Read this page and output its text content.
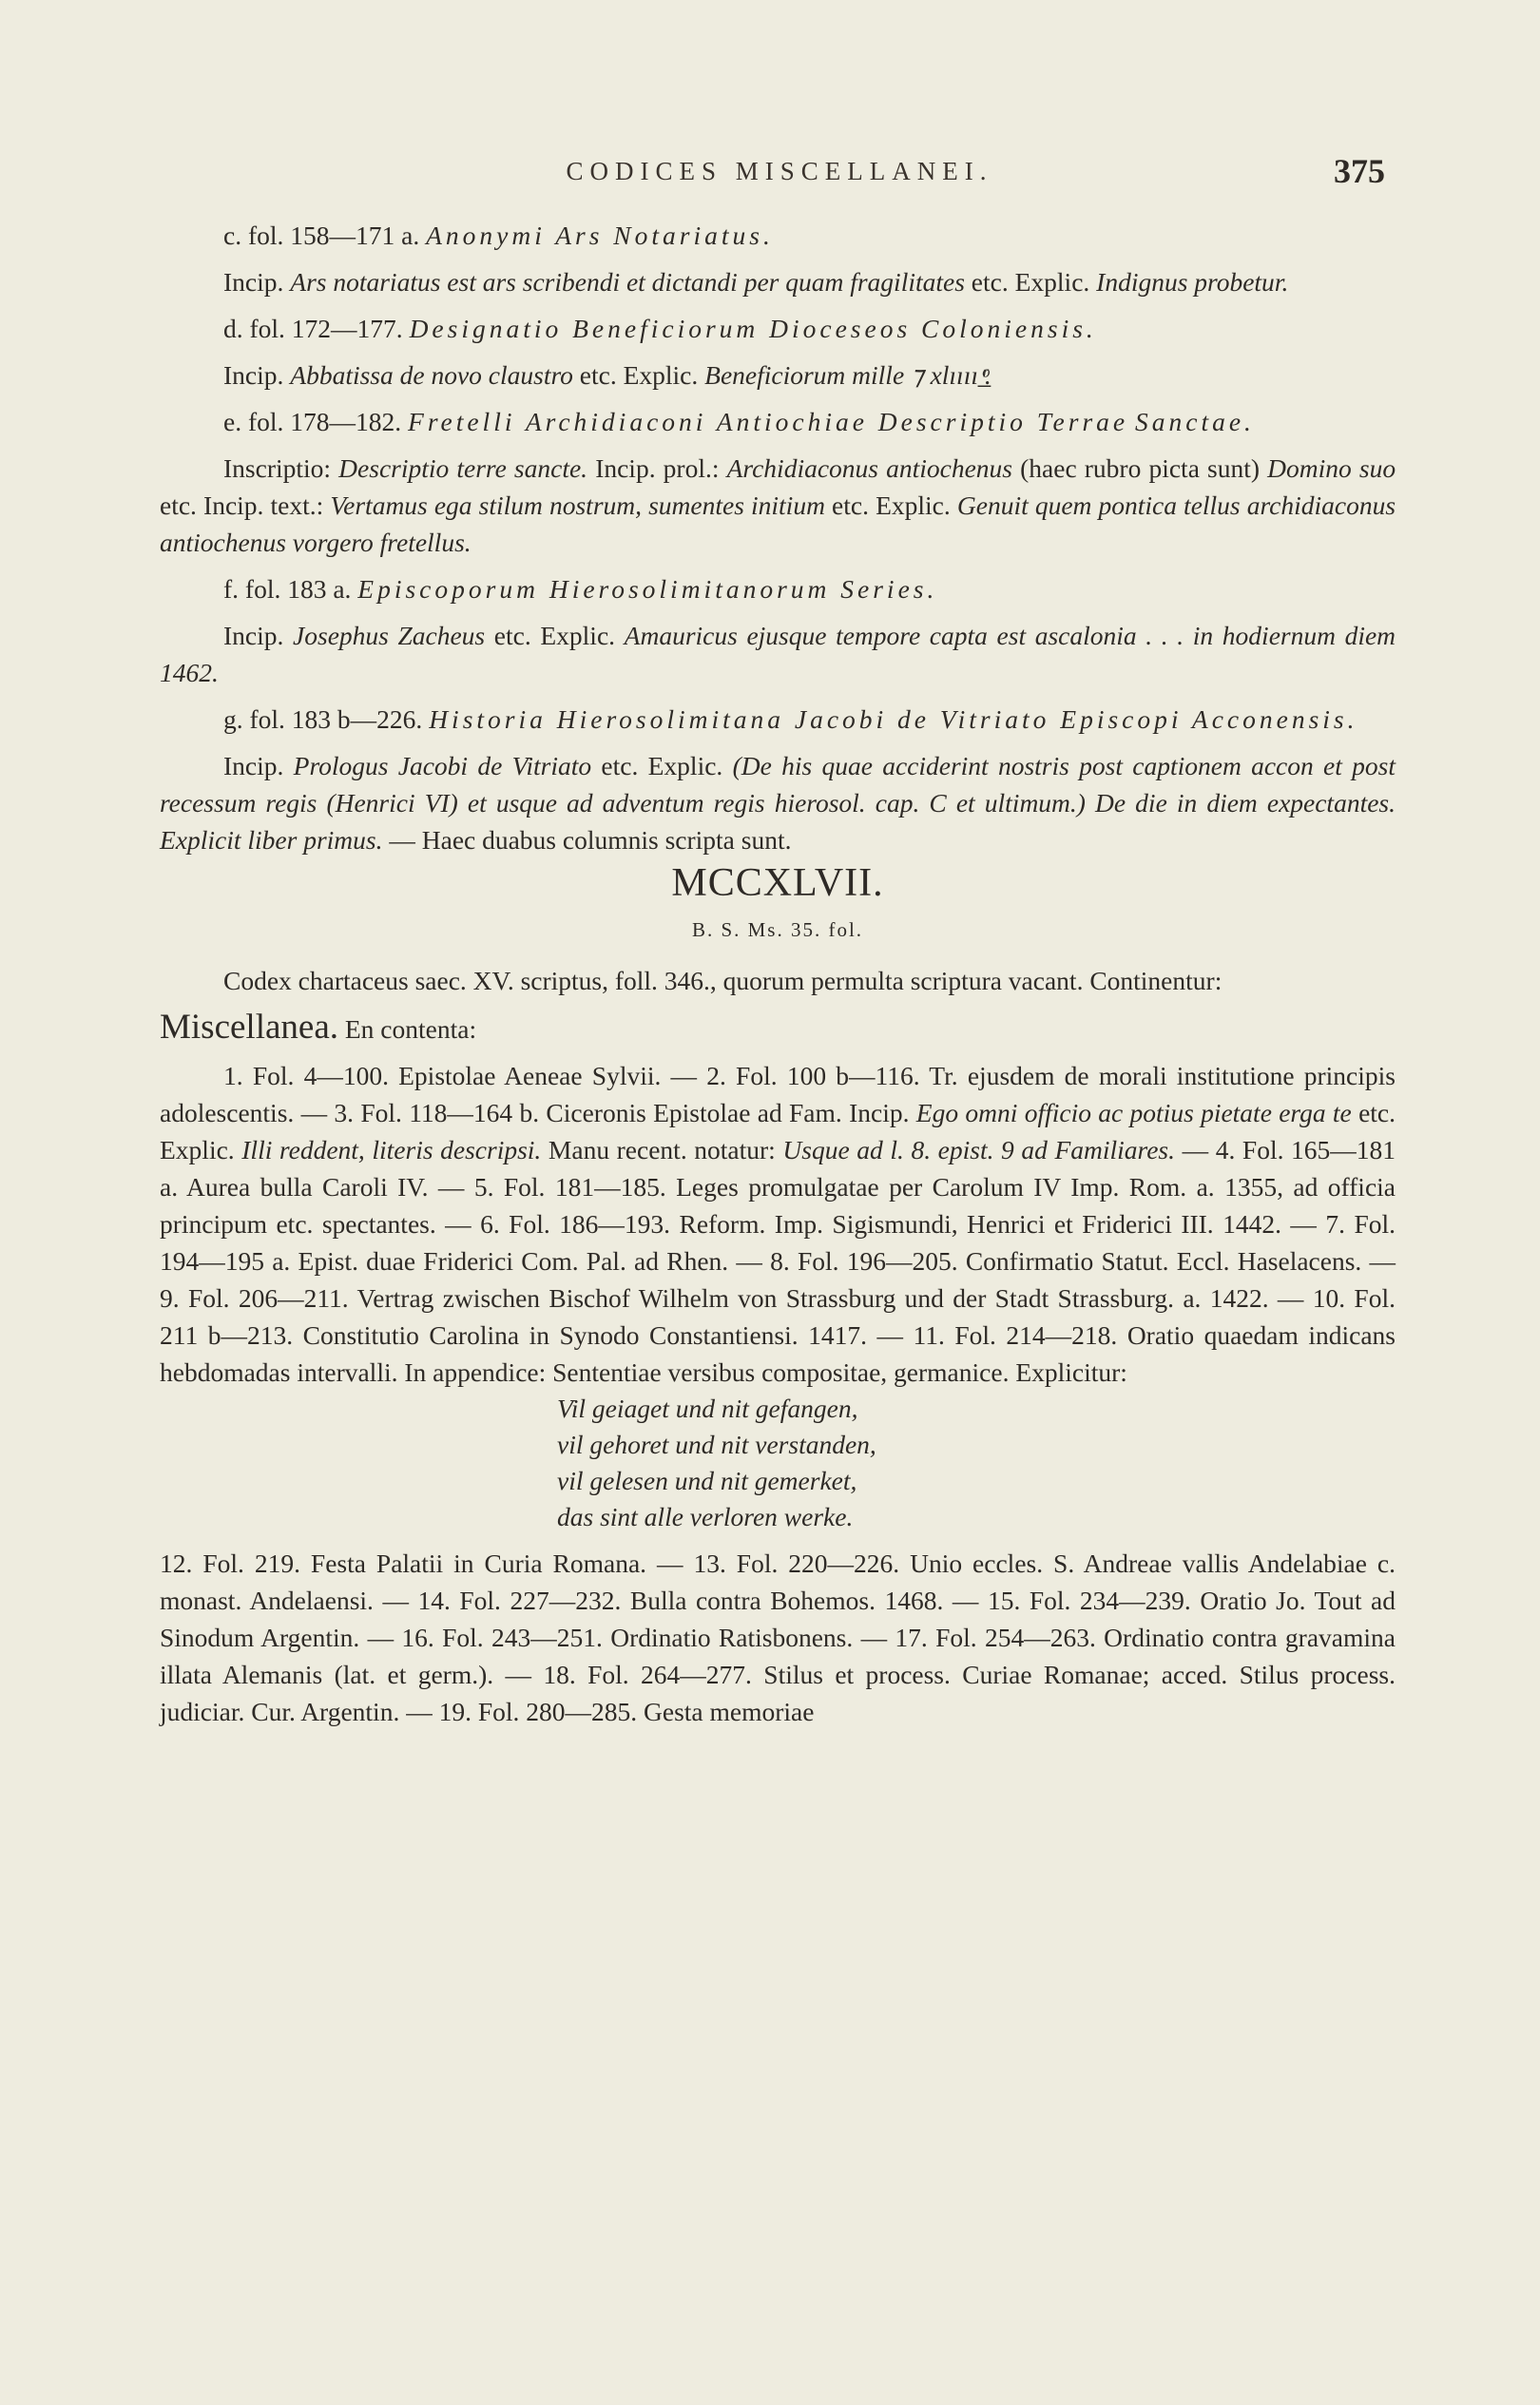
CODICES MISCELLANEI.	375

c. fol. 158—171 a. Anonymi Ars Notariatus.

Incip. Ars notariatus est ars scribendi et dictandi per quam fragilitates etc. Explic. Indignus probetur.

d. fol. 172—177. Designatio Beneficiorum Dioceseos Coloniensis.

Incip. Abbatissa de novo claustro etc. Explic. Beneficiorum mille ⁊ xlıııı ̲ͦͬ.

e. fol. 178—182. Fretelli Archidiaconi Antiochiae Descriptio Terrae Sanctae.

Inscriptio: Descriptio terre sancte. Incip. prol.: Archidiaconus antiochenus (haec rubro picta sunt) Domino suo etc. Incip. text.: Vertamus ega stilum nostrum, sumentes initium etc. Explic. Genuit quem pontica tellus archidiaconus antiochenus vorgero fretellus.

f. fol. 183 a. Episcoporum Hierosolimitanorum Series.

Incip. Josephus Zacheus etc. Explic. Amauricus ejusque tempore capta est ascalonia . . . in hodiernum diem 1462.

g. fol. 183 b—226. Historia Hierosolimitana Jacobi de Vitriato Episcopi Acconensis.

Incip. Prologus Jacobi de Vitriato etc. Explic. (De his quae acciderint nostris post captionem accon et post recessum regis (Henrici VI) et usque ad adventum regis hierosol. cap. C et ultimum.) De die in diem expectantes. Explicit liber primus. — Haec duabus columnis scripta sunt.

MCCXLVII.

B. S. Ms. 35. fol.

Codex chartaceus saec. XV. scriptus, foll. 346., quorum permulta scriptura vacant. Continentur:

Miscellanea. En contenta:

1. Fol. 4—100. Epistolae Aeneae Sylvii. — 2. Fol. 100 b—116. Tr. ejusdem de morali institutione principis adolescentis. — 3. Fol. 118—164 b. Ciceronis Epistolae ad Fam. Incip. Ego omni officio ac potius pietate erga te etc. Explic. Illi reddent, literis descripsi. Manu recent. notatur: Usque ad l. 8. epist. 9 ad Familiares. — 4. Fol. 165—181 a. Aurea bulla Caroli IV. — 5. Fol. 181—185. Leges promulgatae per Carolum IV Imp. Rom. a. 1355, ad officia principum etc. spectantes. — 6. Fol. 186—193. Reform. Imp. Sigismundi, Henrici et Friderici III. 1442. — 7. Fol. 194—195 a. Epist. duae Friderici Com. Pal. ad Rhen. — 8. Fol. 196—205. Confirmatio Statut. Eccl. Haselacens. — 9. Fol. 206—211. Vertrag zwischen Bischof Wilhelm von Strassburg und der Stadt Strassburg. a. 1422. — 10. Fol. 211 b—213. Constitutio Carolina in Synodo Constantiensi. 1417. — 11. Fol. 214—218. Oratio quaedam indicans hebdomadas intervalli. In appendice: Sententiae versibus compositae, germanice. Explicitur:

Vil geiaget und nit gefangen,

vil gehoret und nit verstanden,

vil gelesen und nit gemerket,

das sint alle verloren werke.

12. Fol. 219. Festa Palatii in Curia Romana. — 13. Fol. 220—226. Unio eccles. S. Andreae vallis Andelabiae c. monast. Andelaensi. — 14. Fol. 227—232. Bulla contra Bohemos. 1468. — 15. Fol. 234—239. Oratio Jo. Tout ad Sinodum Argentin. — 16. Fol. 243—251. Ordinatio Ratisbonens. — 17. Fol. 254—263. Ordinatio contra gravamina illata Alemanis (lat. et germ.). — 18. Fol. 264—277. Stilus et process. Curiae Romanae; acced. Stilus process. judiciar. Cur. Argentin. — 19. Fol. 280—285. Gesta memoriae
